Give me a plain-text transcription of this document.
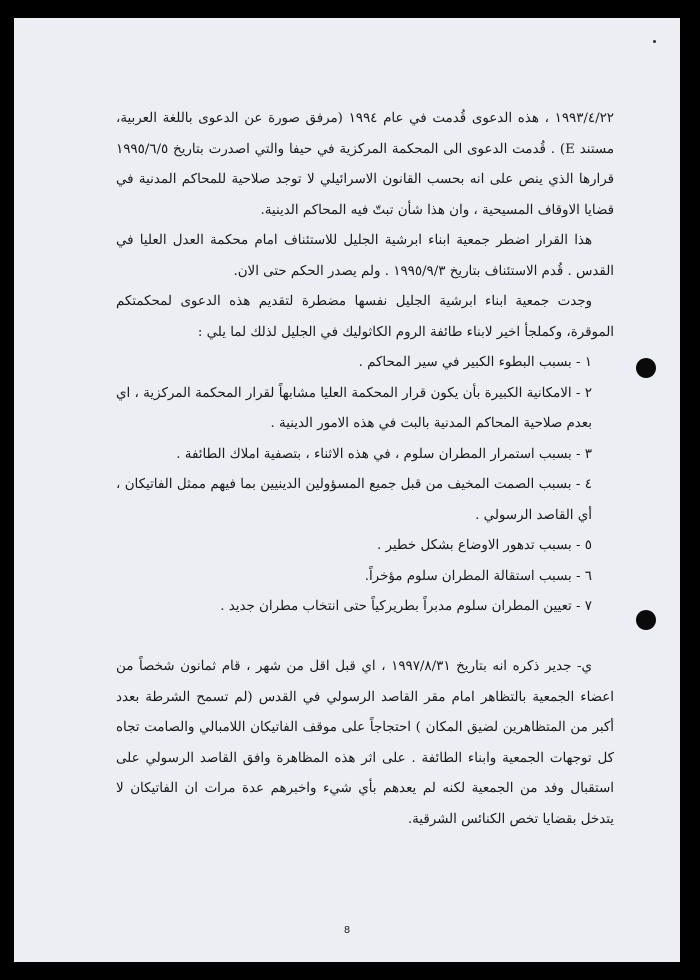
١٩٩٣/٤/٢٢ ، هذه الدعوى قُدمت في عام ١٩٩٤ (مرفق صورة عن الدعوى باللغة العربية، مستند E) . قُدمت الدعوى الى المحكمة المركزية في حيفا والتي اصدرت بتاريخ ١٩٩٥/٦/٥ قرارها الذي ينص على انه بحسب القانون الاسرائيلي لا توجد صلاحية للمحاكم المدنية في قضايا الاوقاف المسيحية ، وان هذا شأن تبتّ فيه المحاكم الدينية.

هذا القرار اضطر جمعية ابناء ابرشية الجليل للاستئناف امام محكمة العدل العليا في القدس . قُدم الاستئناف بتاريخ ١٩٩٥/٩/٣ . ولم يصدر الحكم حتى الان.

وجدت جمعية ابناء ابرشية الجليل نفسها مضطرة لتقديم هذه الدعوى لمحكمتكم الموقرة، وكملجأ اخير لابناء طائفة الروم الكاثوليك في الجليل لذلك لما يلي :

١ - بسبب البطوء الكبير في سير المحاكم .

٢ - الامكانية الكبيرة بأن يكون قرار المحكمة العليا مشابهاً لقرار المحكمة المركزية ، اي بعدم صلاحية المحاكم المدنية بالبت في هذه الامور الدينية .

٣ - بسبب استمرار المطران سلوم ، في هذه الاثناء ، بتصفية املاك الطائفة .

٤ - بسبب الصمت المخيف من قبل جميع المسؤولين الدينيين بما فيهم ممثل الفاتيكان ، أي القاصد الرسولي .

٥ - بسبب تدهور الاوضاع بشكل خطير .

٦ - بسبب استقالة المطران سلوم مؤخراً.

٧ - تعيين المطران سلوم مدبراً بطريركياً حتى انتخاب مطران جديد .

ي- جدير ذكره انه بتاريخ ١٩٩٧/٨/٣١ ، اي قبل اقل من شهر ، قام ثمانون شخصاً من اعضاء الجمعية بالتظاهر امام مقر القاصد الرسولي في القدس (لم تسمح الشرطة بعدد أكبر من المتظاهرين لضيق المكان ) احتجاجاً على موقف الفاتيكان اللامبالي والصامت تجاه كل توجهات الجمعية وابناء الطائفة . على اثر هذه المظاهرة وافق القاصد الرسولي على استقبال وفد من الجمعية لكنه لم يعدهم بأي شيء واخبرهم عدة مرات ان الفاتيكان لا يتدخل بقضايا تخص الكنائس الشرقية.

8
